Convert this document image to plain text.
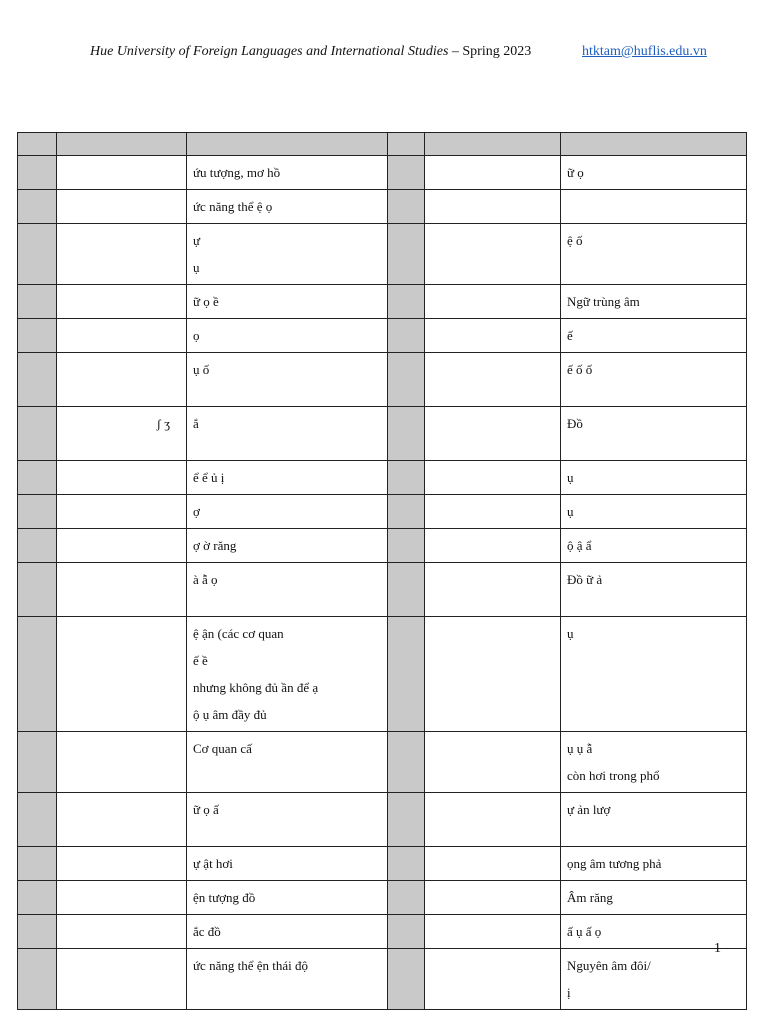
Hue University of Foreign Languages and International Studies – Spring 2023	htktam@huflis.edu.vn

		ứu tượng, mơ hồ			ữ ọ

		ức năng thể ệ ọ			

		ự
ụ			ệ ố

		ữ ọ ề			Ngữ trùng âm

		ọ			ế

		ụ ố			ế ố ố

	ʃ ʒ	ắ			Đồ

		ể ể ủ ị			ụ

		ợ			ụ

		ợ ờ răng			ộ ậ ẩ

		à ẫ ọ			Đồ ữ ả

		ệ ận (các cơ quan
ế ề
nhưng không đủ ần để ạ
ộ ụ âm đầy đủ			ụ

		Cơ quan cấ			ụ ụ ẫ
còn hơi trong phổ

		ữ ọ ấ			ự ản lượ

		ự ật hơi			ọng âm tương phả

		ện tượng đồ			Âm răng

		ắc đồ			ấ ụ ấ ọ

		ức năng thể ện thái độ			Nguyên âm đôi/
ị
1
